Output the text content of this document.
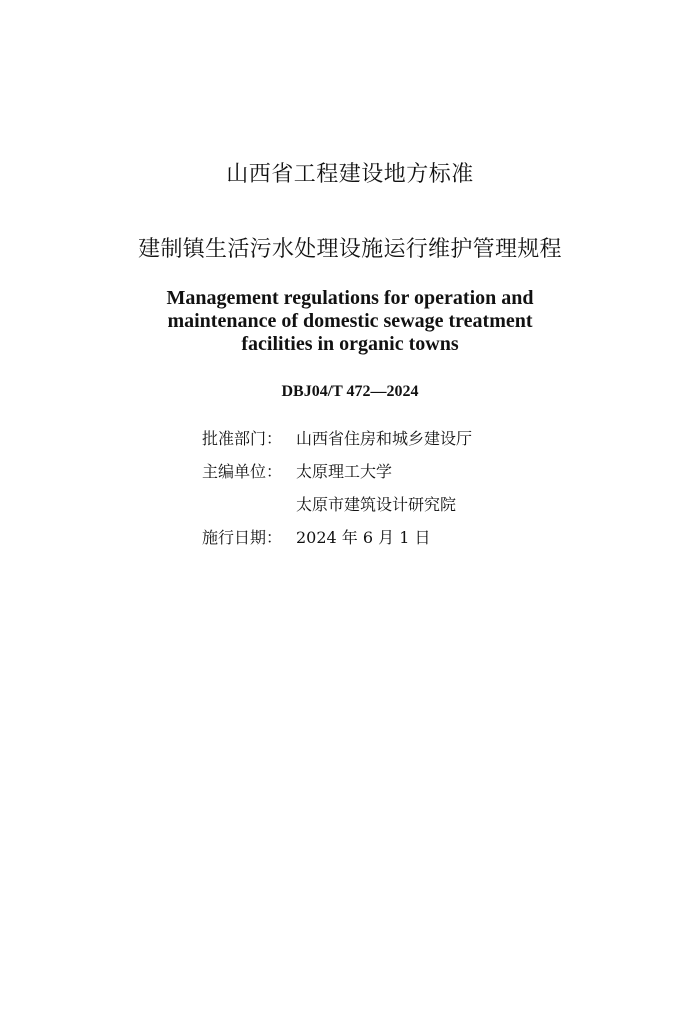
山西省工程建设地方标准
建制镇生活污水处理设施运行维护管理规程
Management regulations for operation and
maintenance of domestic sewage treatment
facilities in organic towns
DBJ04/T 472—2024
批准部门： 山西省住房和城乡建设厅
主编单位： 太原理工大学
太原市建筑设计研究院
施行日期： 2024 年 6 月 1 日
